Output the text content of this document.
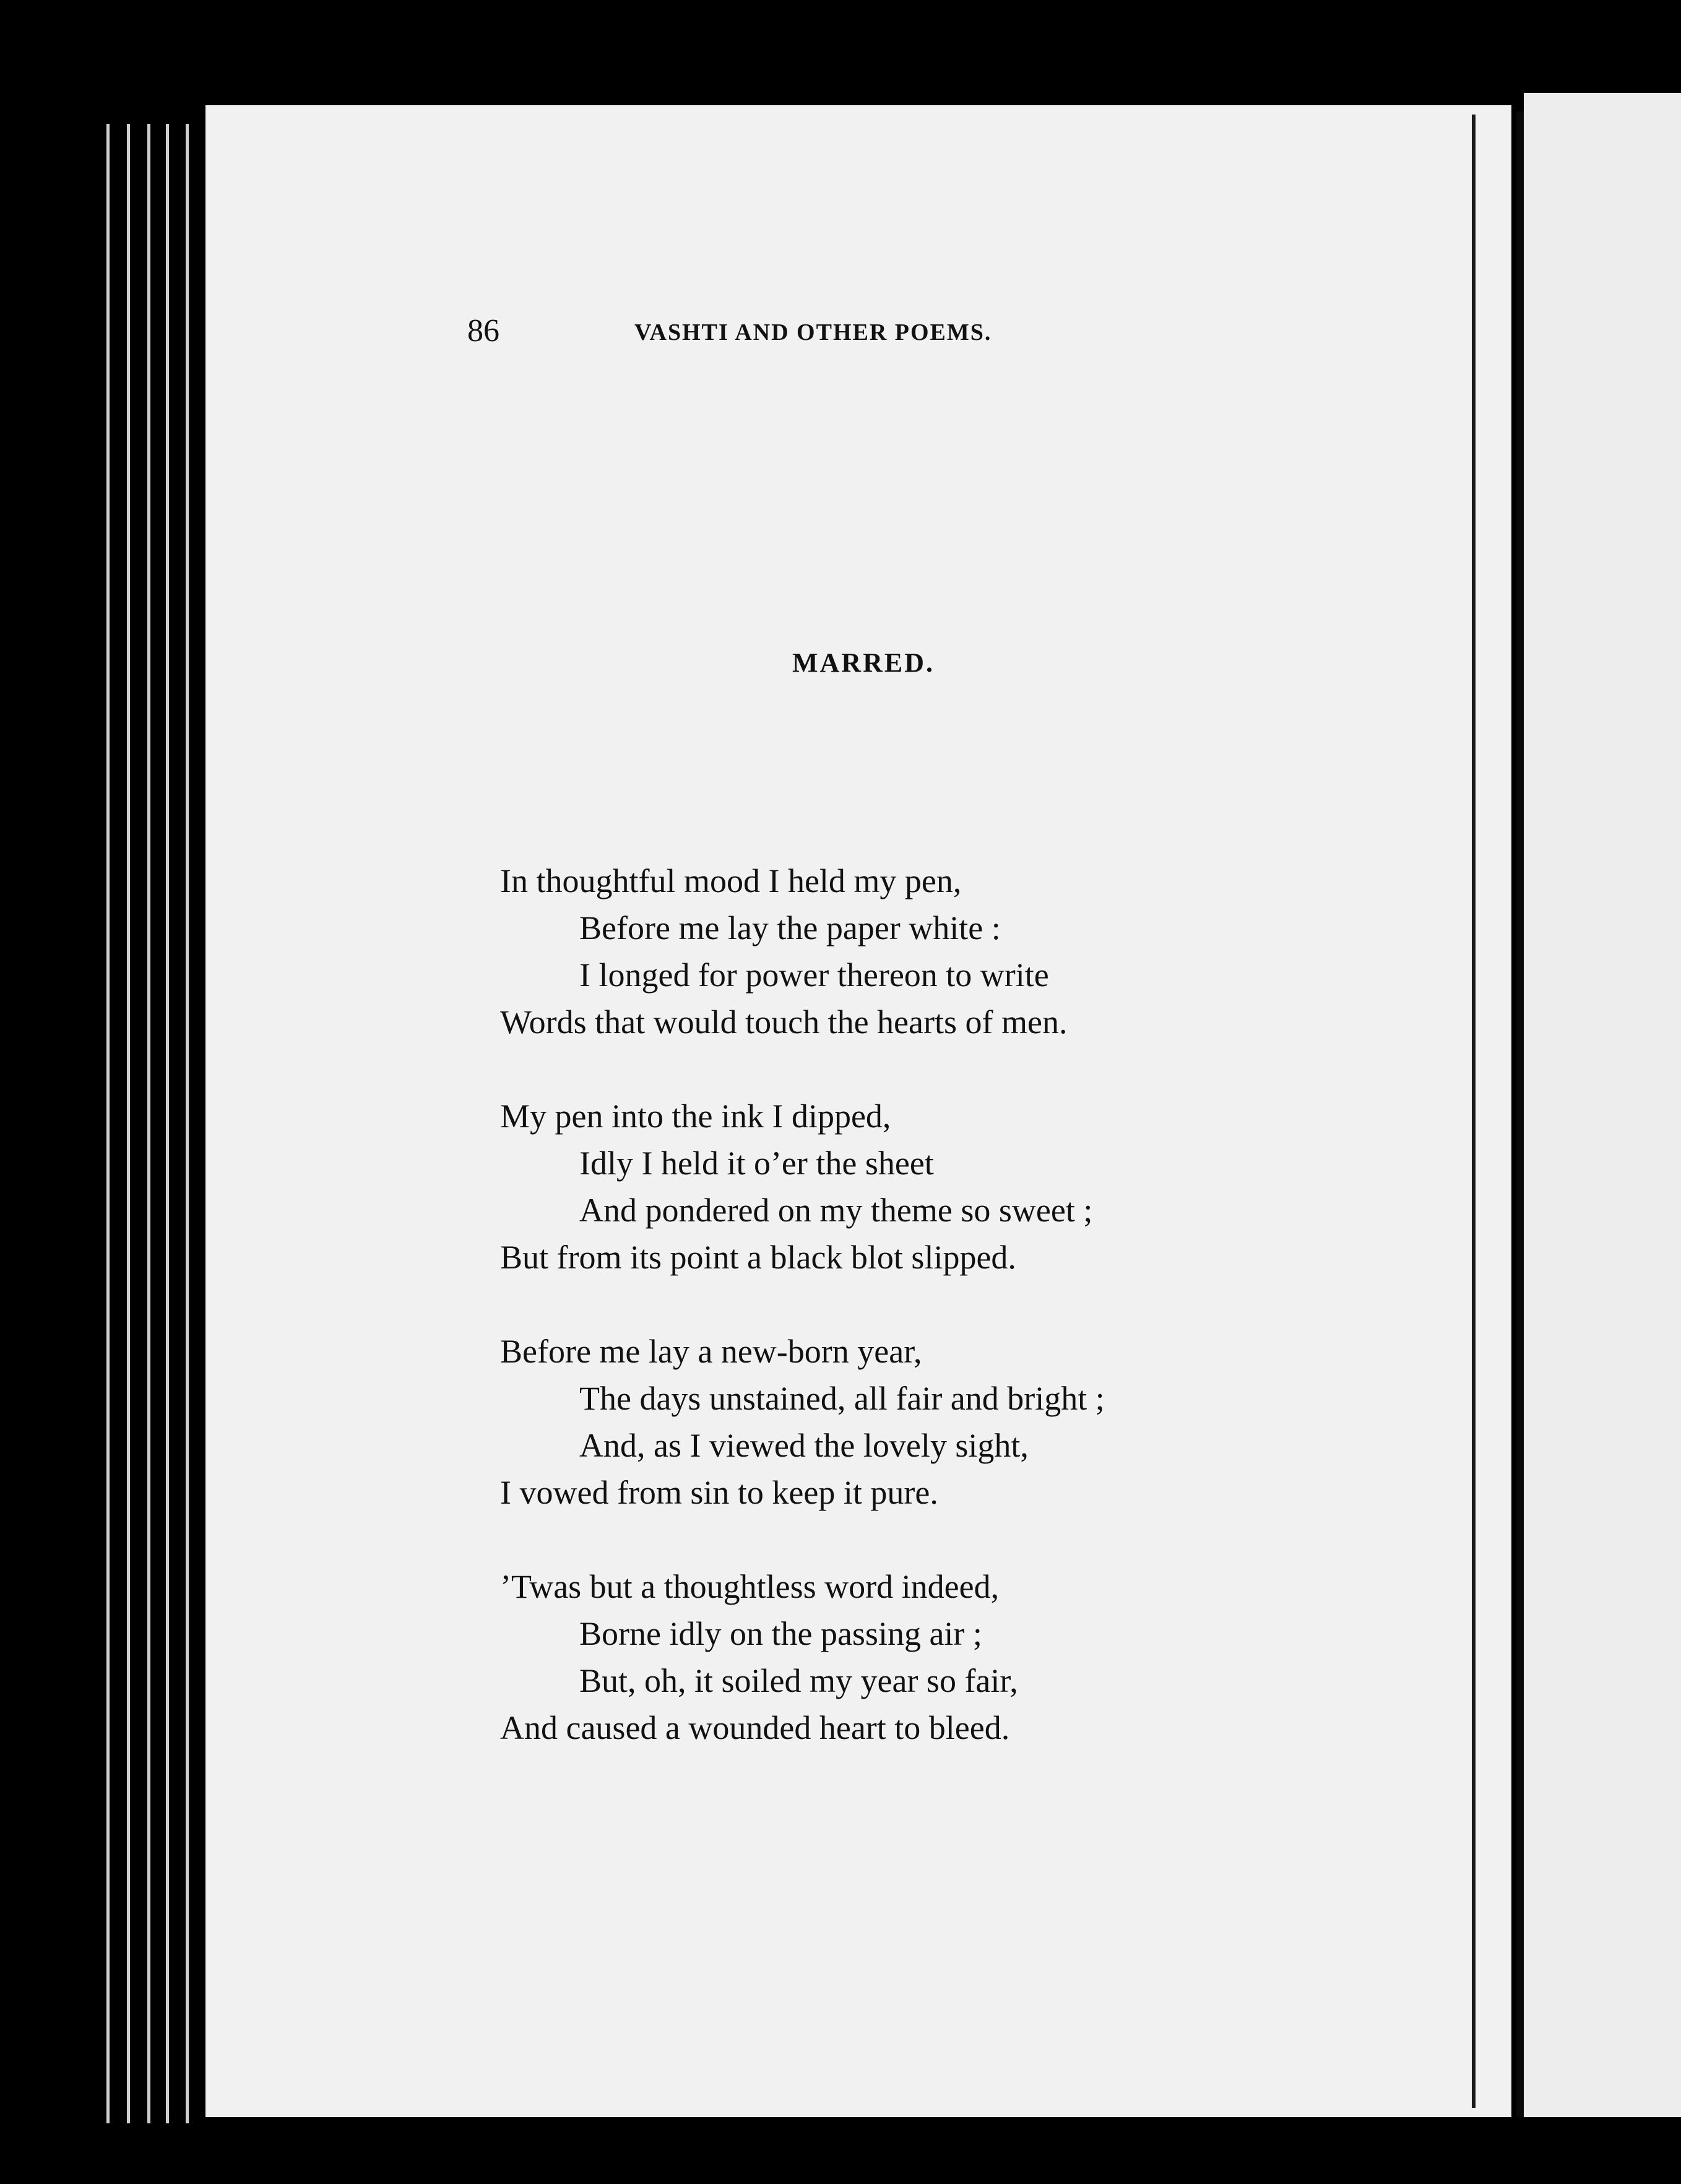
86	VASHTI AND OTHER POEMS.
MARRED.
In thoughtful mood I held my pen,
Before me lay the paper white :
I longed for power thereon to write
Words that would touch the hearts of men.
My pen into the ink I dipped,
Idly I held it o’er the sheet
And pondered on my theme so sweet ;
But from its point a black blot slipped.
Before me lay a new-born year,
The days unstained, all fair and bright ;
And, as I viewed the lovely sight,
I vowed from sin to keep it pure.
’Twas but a thoughtless word indeed,
Borne idly on the passing air ;
But, oh, it soiled my year so fair,
And caused a wounded heart to bleed.
